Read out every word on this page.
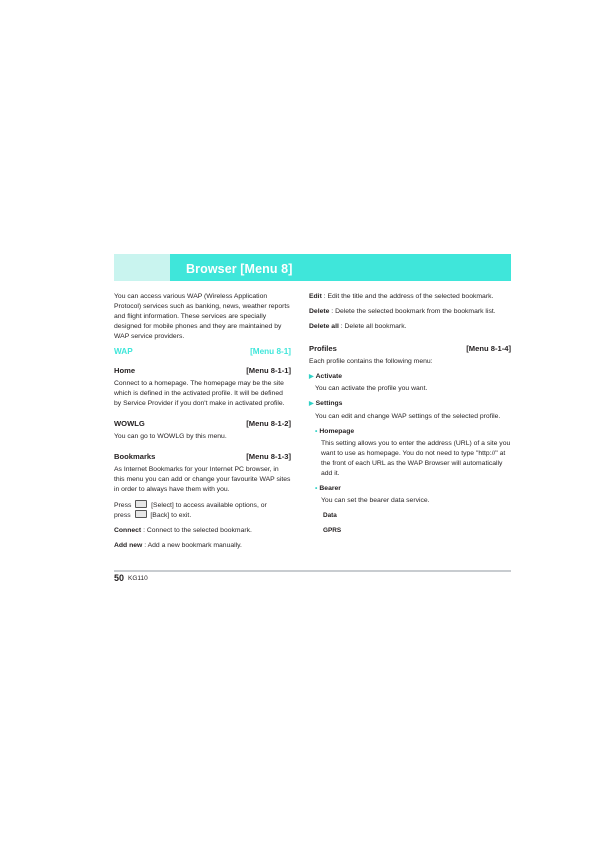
Browser [Menu 8]

You can access various WAP (Wireless Application Protocol) services such as banking, news, weather reports and flight information. These services are specially designed for mobile phones and they are maintained by WAP service providers.

WAP	[Menu 8-1]
Home	[Menu 8-1-1]

Connect to a homepage. The homepage may be the site which is defined in the activated profile. It will be defined by Service Provider if you don't make in activated profile.

WOWLG	[Menu 8-1-2]

You can go to WOWLG by this menu.

Bookmarks	[Menu 8-1-3]

As Internet Bookmarks for your Internet PC browser, in this menu you can add or change your favourite WAP sites in order to always have them with you.

Press	[Select] to access available options, or
press	[Back] to exit.

Connect : Connect to the selected bookmark.

Add new : Add a new bookmark manually.

Edit : Edit the title and the address of the selected bookmark.

Delete : Delete the selected bookmark from the bookmark list.

Delete all : Delete all bookmark.

Profiles	[Menu 8-1-4]

Each profile contains the following menu:

▶ Activate

You can activate the profile you want.

▶ Settings

You can edit and change WAP settings of the selected profile.

• Homepage

This setting allows you to enter the address (URL) of a site you want to use as homepage. You do not need to type "http://" at the front of each URL as the WAP Browser will automatically add it.

• Bearer

You can set the bearer data service.

Data
GPRS
50 KG110
